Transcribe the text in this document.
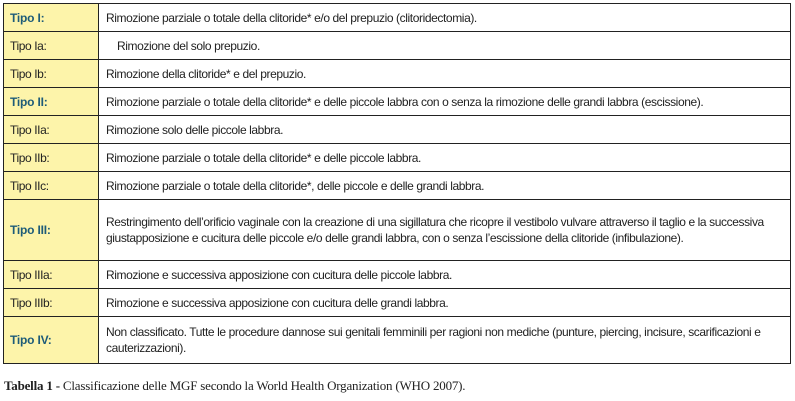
Tipo I:	Rimozione parziale o totale della clitoride* e/o del prepuzio (clitoridectomia).
Tipo Ia:	Rimozione del solo prepuzio.
Tipo Ib:	Rimozione della clitoride* e del prepuzio.
Tipo II:	Rimozione parziale o totale della clitoride* e delle piccole labbra con o senza la rimozione delle grandi labbra (escissione).
Tipo IIa:	Rimozione solo delle piccole labbra.
Tipo IIb:	Rimozione parziale o totale della clitoride* e delle piccole labbra.
Tipo IIc:	Rimozione parziale o totale della clitoride*, delle piccole e delle grandi labbra.
Tipo III:	Restringimento dell’orificio vaginale con la creazione di una sigillatura che ricopre il vestibolo vulvare attraverso il taglio e la successiva giustapposizione e cucitura delle piccole e/o delle grandi labbra, con o senza l’escissione della clitoride (infibulazione).
Tipo IIIa:	Rimozione e successiva apposizione con cucitura delle piccole labbra.
Tipo IIIb:	Rimozione e successiva apposizione con cucitura delle grandi labbra.
Tipo IV:	Non classificato. Tutte le procedure dannose sui genitali femminili per ragioni non mediche (punture, piercing, incisure, scarificazioni e cauterizzazioni).
Tabella 1 - Classificazione delle MGF secondo la World Health Organization (WHO 2007).
